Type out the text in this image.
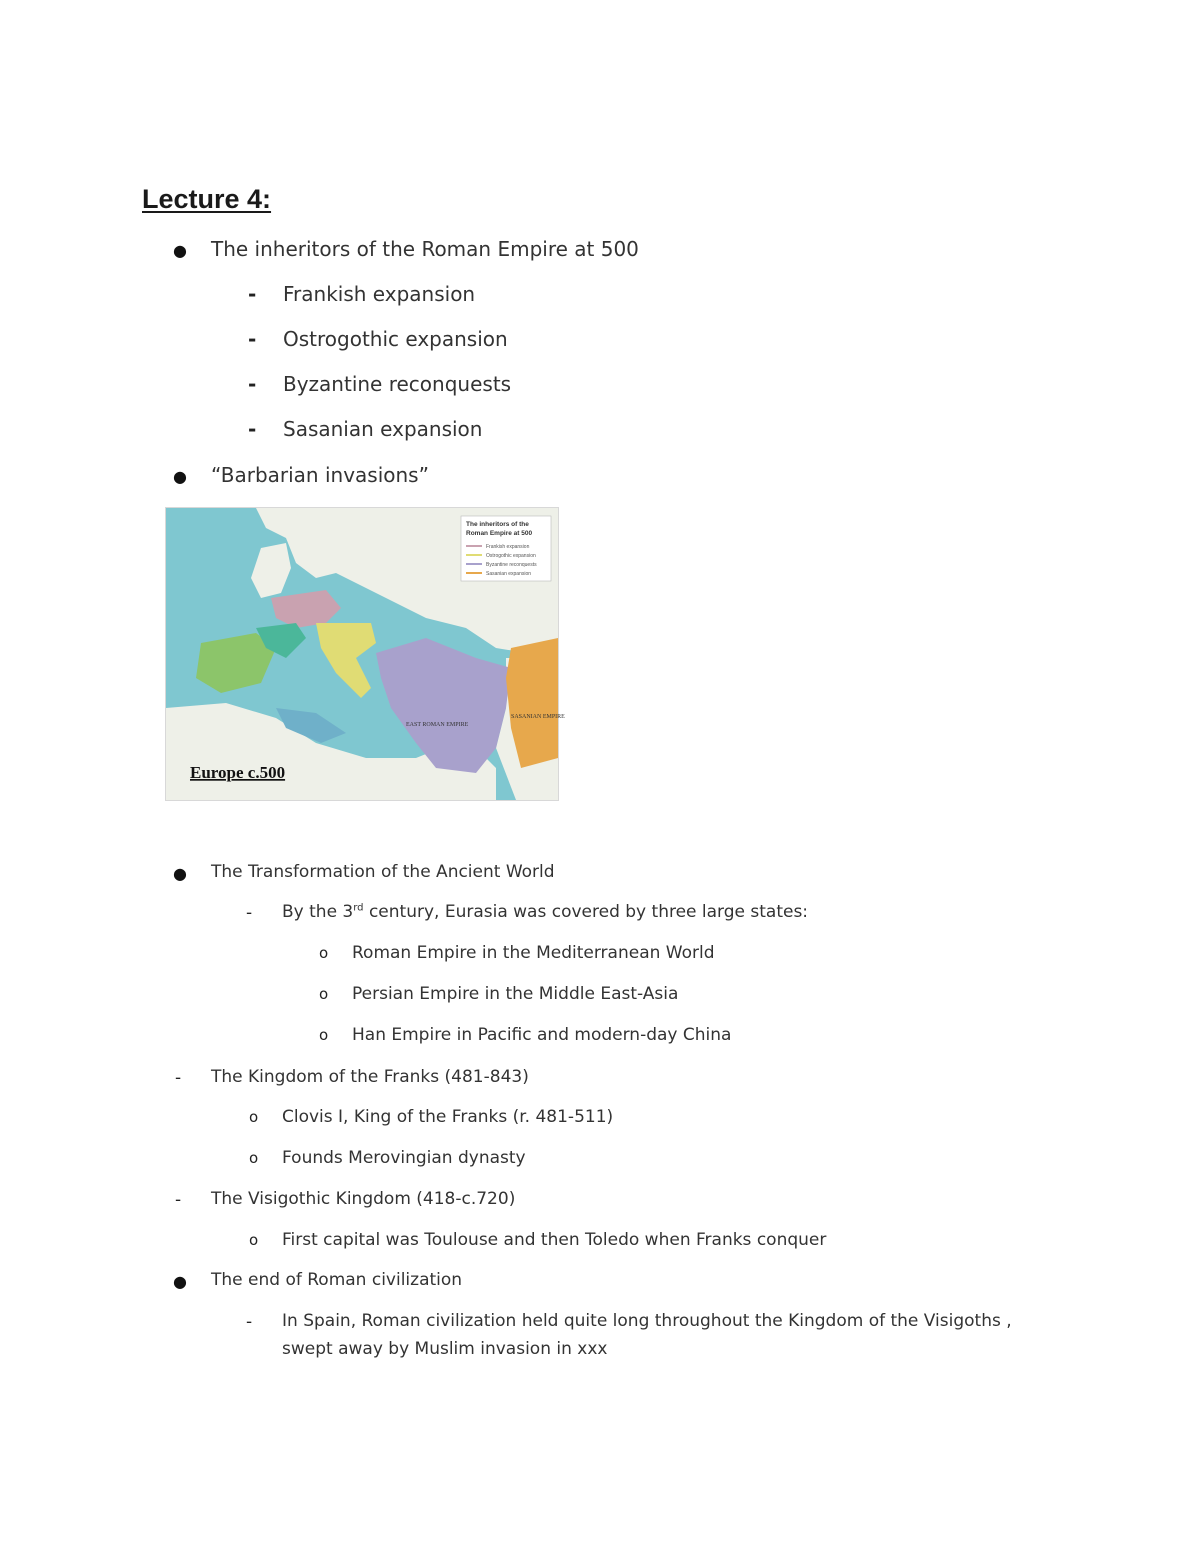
Lecture 4:
● The inheritors of the Roman Empire at 500
- Frankish expansion
- Ostrogothic expansion
- Byzantine reconquests
- Sasanian expansion
● “Barbarian invasions”
The inheritors of the
Roman Empire at 500
Frankish expansion
Ostrogothic expansion
Byzantine reconquests
Sasanian expansion
EAST ROMAN EMPIRE
SASANIAN EMPIRE
Europe c.500
● The Transformation of the Ancient World
- By the 3rd century, Eurasia was covered by three large states:
o Roman Empire in the Mediterranean World
o Persian Empire in the Middle East-Asia
o Han Empire in Pacific and modern-day China
- The Kingdom of the Franks (481-843)
o Clovis I, King of the Franks (r. 481-511)
o Founds Merovingian dynasty
- The Visigothic Kingdom (418-c.720)
o First capital was Toulouse and then Toledo when Franks conquer
● The end of Roman civilization
- In Spain, Roman civilization held quite long throughout the Kingdom of the Visigoths ,
swept away by Muslim invasion in xxx
